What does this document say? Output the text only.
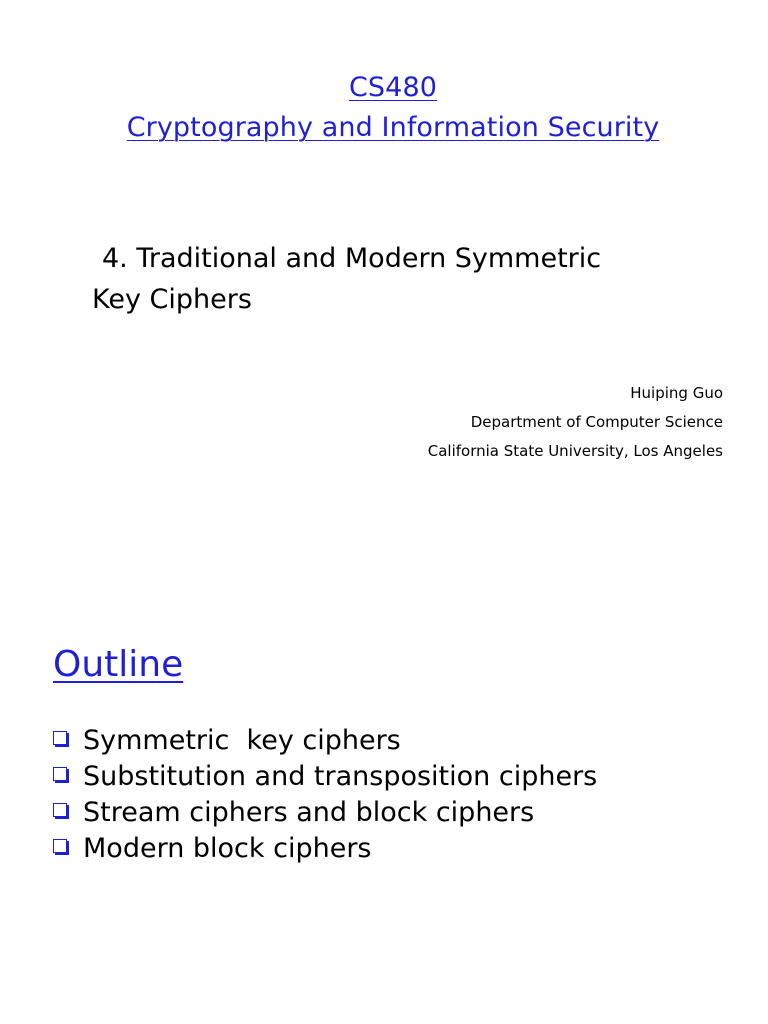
CS480
Cryptography and Information Security
4. Traditional and Modern Symmetric
Key Ciphers
Huiping Guo
Department of Computer Science
California State University, Los Angeles
Outline
Symmetric  key ciphers
Substitution and transposition ciphers
Stream ciphers and block ciphers
Modern block ciphers
